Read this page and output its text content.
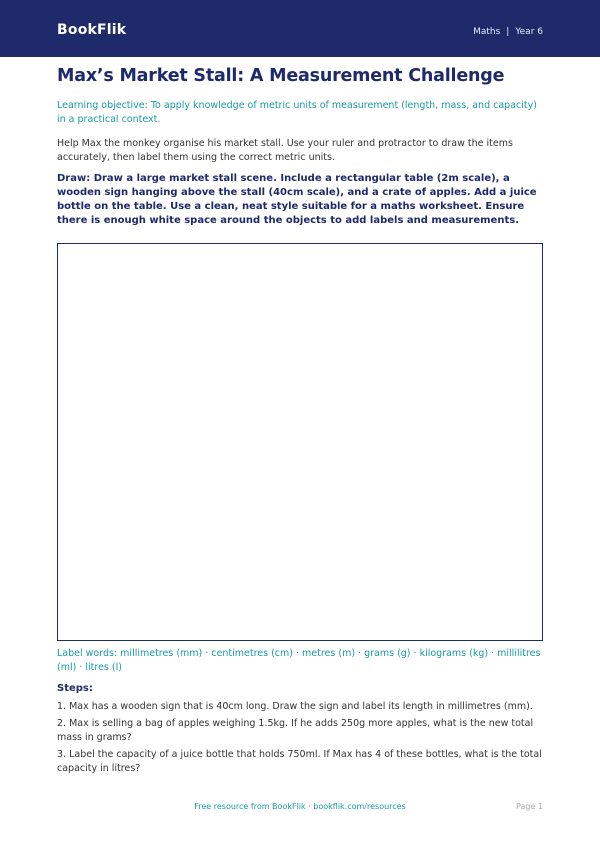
BookFlik	Maths | Year 6
Max’s Market Stall: A Measurement Challenge
Learning objective: To apply knowledge of metric units of measurement (length, mass, and capacity) in a practical context.
Help Max the monkey organise his market stall. Use your ruler and protractor to draw the items accurately, then label them using the correct metric units.
Draw: Draw a large market stall scene. Include a rectangular table (2m scale), a wooden sign hanging above the stall (40cm scale), and a crate of apples. Add a juice bottle on the table. Use a clean, neat style suitable for a maths worksheet. Ensure there is enough white space around the objects to add labels and measurements.
Label words: millimetres (mm) · centimetres (cm) · metres (m) · grams (g) · kilograms (kg) · millilitres (ml) · litres (l)
Steps:
1. Max has a wooden sign that is 40cm long. Draw the sign and label its length in millimetres (mm).
2. Max is selling a bag of apples weighing 1.5kg. If he adds 250g more apples, what is the new total mass in grams?
3. Label the capacity of a juice bottle that holds 750ml. If Max has 4 of these bottles, what is the total capacity in litres?
Free resource from BookFlik · bookflik.com/resources	Page 1
